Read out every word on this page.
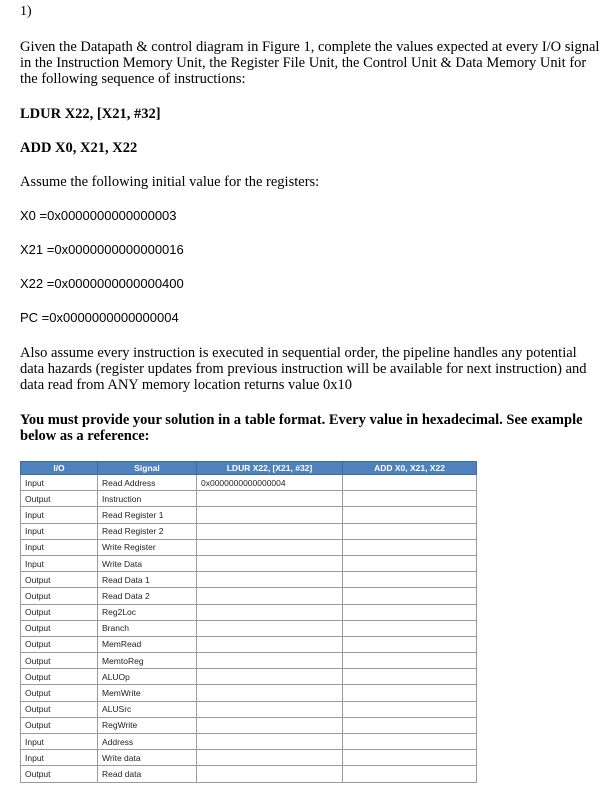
1)
Given the Datapath & control diagram in Figure 1, complete the values expected at every I/O signal in the Instruction Memory Unit, the Register File Unit, the Control Unit & Data Memory Unit for the following sequence of instructions:
LDUR X22, [X21, #32]
ADD X0, X21, X22
Assume the following initial value for the registers:
X0 =0x0000000000000003
X21 =0x0000000000000016
X22 =0x0000000000000400
PC =0x0000000000000004
Also assume every instruction is executed in sequential order, the pipeline handles any potential data hazards (register updates from previous instruction will be available for next instruction) and data read from ANY memory location returns value 0x10
You must provide your solution in a table format. Every value in hexadecimal. See example below as a reference:
I/O	Signal	LDUR X22, [X21, #32]	ADD X0, X21, X22
Input	Read Address	0x0000000000000004	
Output	Instruction		
Input	Read Register 1		
Input	Read Register 2		
Input	Write Register		
Input	Write Data		
Output	Read Data 1		
Output	Read Data 2		
Output	Reg2Loc		
Output	Branch		
Output	MemRead		
Output	MemtoReg		
Output	ALUOp		
Output	MemWrite		
Output	ALUSrc		
Output	RegWrite		
Input	Address		
Input	Write data		
Output	Read data		
